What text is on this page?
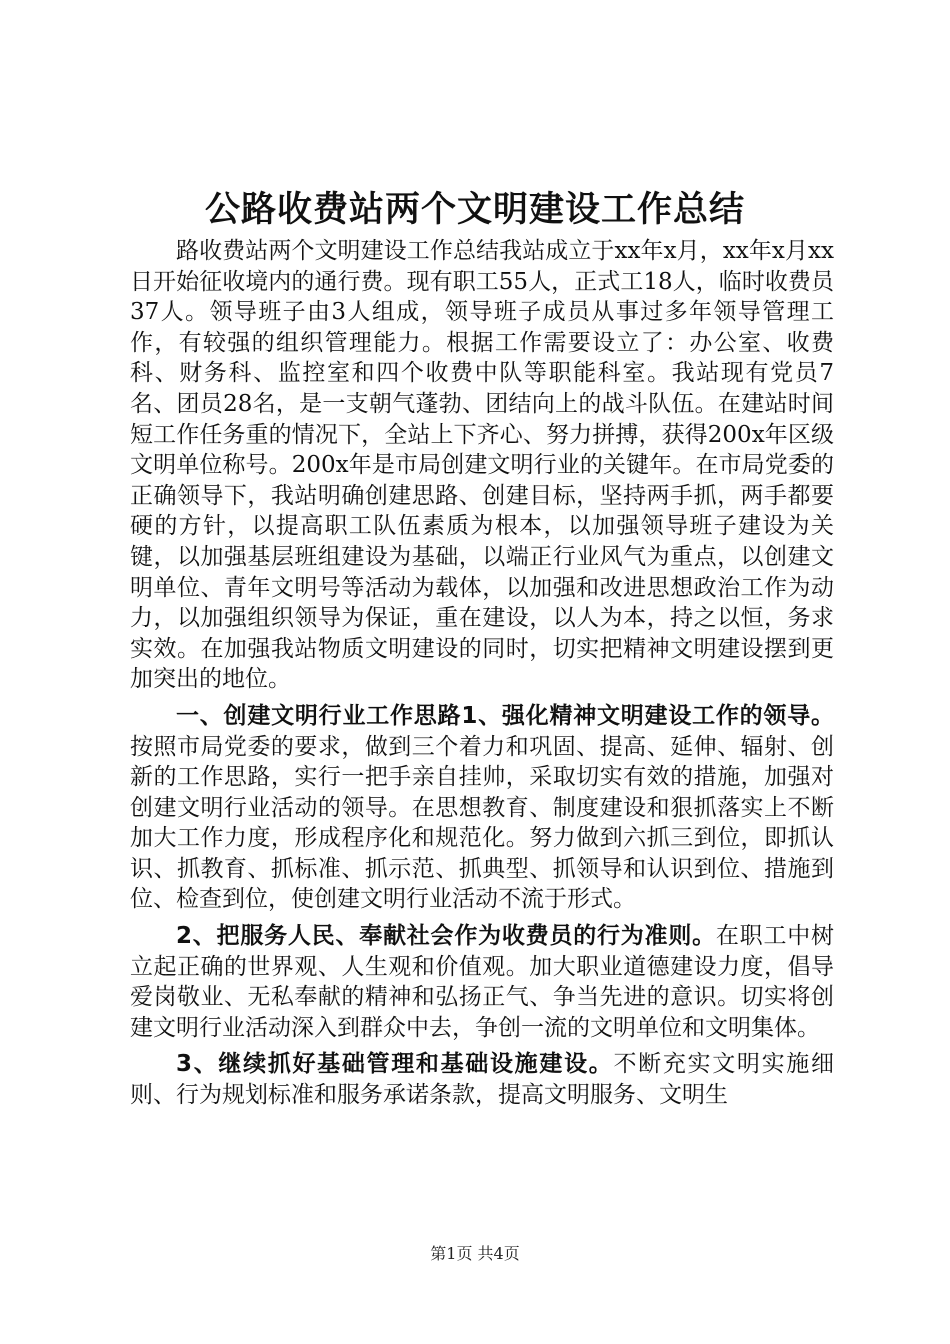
公路收费站两个文明建设工作总结

路收费站两个文明建设工作总结我站成立于xx年x月，xx年x月xx日开始征收境内的通行费。现有职工55人，正式工18人，临时收费员37人。领导班子由3人组成，领导班子成员从事过多年领导管理工作，有较强的组织管理能力。根据工作需要设立了：办公室、收费科、财务科、监控室和四个收费中队等职能科室。我站现有党员7名、团员28名，是一支朝气蓬勃、团结向上的战斗队伍。在建站时间短工作任务重的情况下，全站上下齐心、努力拼搏，获得200x年区级文明单位称号。200x年是市局创建文明行业的关键年。在市局党委的正确领导下，我站明确创建思路、创建目标，坚持两手抓，两手都要硬的方针，以提高职工队伍素质为根本，以加强领导班子建设为关键，以加强基层班组建设为基础，以端正行业风气为重点，以创建文明单位、青年文明号等活动为载体，以加强和改进思想政治工作为动力，以加强组织领导为保证，重在建设，以人为本，持之以恒，务求实效。在加强我站物质文明建设的同时，切实把精神文明建设摆到更加突出的地位。

一、创建文明行业工作思路1、强化精神文明建设工作的领导。按照市局党委的要求，做到三个着力和巩固、提高、延伸、辐射、创新的工作思路，实行一把手亲自挂帅，采取切实有效的措施，加强对创建文明行业活动的领导。在思想教育、制度建设和狠抓落实上不断加大工作力度，形成程序化和规范化。努力做到六抓三到位，即抓认识、抓教育、抓标准、抓示范、抓典型、抓领导和认识到位、措施到位、检查到位，使创建文明行业活动不流于形式。

2、把服务人民、奉献社会作为收费员的行为准则。在职工中树立起正确的世界观、人生观和价值观。加大职业道德建设力度，倡导爱岗敬业、无私奉献的精神和弘扬正气、争当先进的意识。切实将创建文明行业活动深入到群众中去，争创一流的文明单位和文明集体。

3、继续抓好基础管理和基础设施建设。不断充实文明实施细则、行为规划标准和服务承诺条款，提高文明服务、文明生

第1页 共4页
